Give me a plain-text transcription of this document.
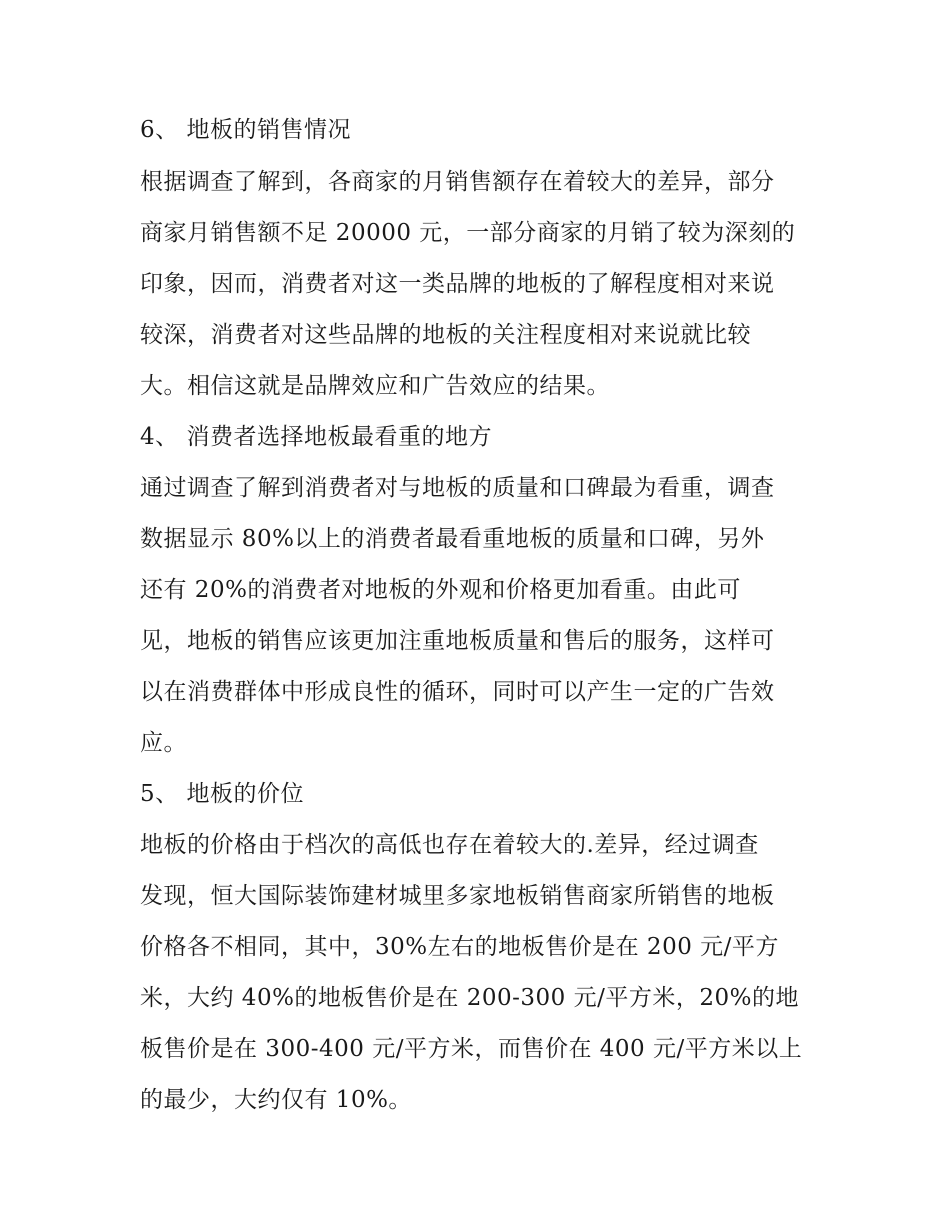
6、 地板的销售情况
根据调查了解到，各商家的月销售额存在着较大的差异，部分
商家月销售额不足 20000 元，一部分商家的月销了较为深刻的
印象，因而，消费者对这一类品牌的地板的了解程度相对来说
较深，消费者对这些品牌的地板的关注程度相对来说就比较
大。相信这就是品牌效应和广告效应的结果。
4、 消费者选择地板最看重的地方
通过调查了解到消费者对与地板的质量和口碑最为看重，调查
数据显示 80%以上的消费者最看重地板的质量和口碑，另外
还有 20%的消费者对地板的外观和价格更加看重。由此可
见，地板的销售应该更加注重地板质量和售后的服务，这样可
以在消费群体中形成良性的循环，同时可以产生一定的广告效
应。
5、 地板的价位
地板的价格由于档次的高低也存在着较大的.差异，经过调查
发现，恒大国际装饰建材城里多家地板销售商家所销售的地板
价格各不相同，其中，30%左右的地板售价是在 200 元/平方
米，大约 40%的地板售价是在 200-300 元/平方米，20%的地
板售价是在 300-400 元/平方米，而售价在 400 元/平方米以上
的最少，大约仅有 10%。
